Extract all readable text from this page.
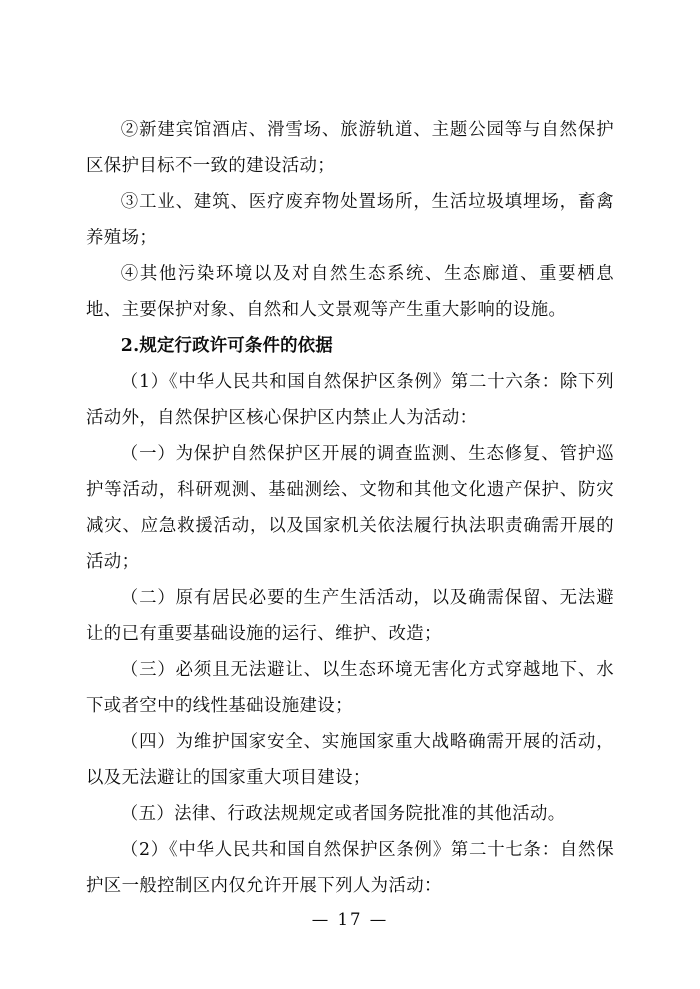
②新建宾馆酒店、滑雪场、旅游轨道、主题公园等与自然保护区保护目标不一致的建设活动；

③工业、建筑、医疗废弃物处置场所，生活垃圾填埋场，畜禽养殖场；

④其他污染环境以及对自然生态系统、生态廊道、重要栖息地、主要保护对象、自然和人文景观等产生重大影响的设施。

2.规定行政许可条件的依据

（1）《中华人民共和国自然保护区条例》第二十六条：除下列活动外，自然保护区核心保护区内禁止人为活动：

（一）为保护自然保护区开展的调查监测、生态修复、管护巡护等活动，科研观测、基础测绘、文物和其他文化遗产保护、防灾减灾、应急救援活动，以及国家机关依法履行执法职责确需开展的活动；

（二）原有居民必要的生产生活活动，以及确需保留、无法避让的已有重要基础设施的运行、维护、改造；

（三）必须且无法避让、以生态环境无害化方式穿越地下、水下或者空中的线性基础设施建设；

（四）为维护国家安全、实施国家重大战略确需开展的活动，以及无法避让的国家重大项目建设；

（五）法律、行政法规规定或者国务院批准的其他活动。

（2）《中华人民共和国自然保护区条例》第二十七条：自然保护区一般控制区内仅允许开展下列人为活动：

— 17 —
